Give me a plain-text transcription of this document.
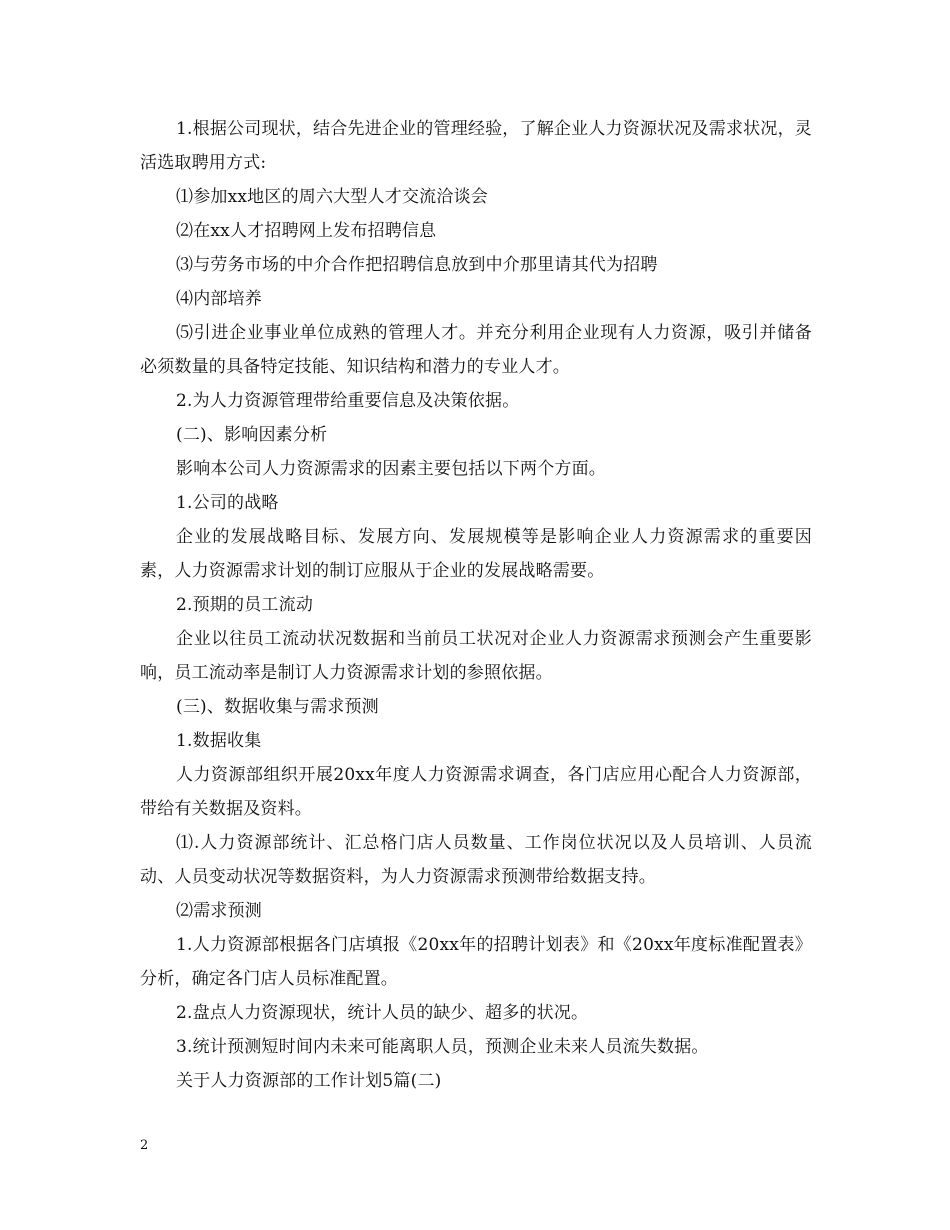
1.根据公司现状，结合先进企业的管理经验，了解企业人力资源状况及需求状况，灵活选取聘用方式:

⑴参加xx地区的周六大型人才交流洽谈会

⑵在xx人才招聘网上发布招聘信息

⑶与劳务市场的中介合作把招聘信息放到中介那里请其代为招聘

⑷内部培养

⑸引进企业事业单位成熟的管理人才。并充分利用企业现有人力资源，吸引并储备必须数量的具备特定技能、知识结构和潜力的专业人才。

2.为人力资源管理带给重要信息及决策依据。

(二)、影响因素分析

影响本公司人力资源需求的因素主要包括以下两个方面。

1.公司的战略

企业的发展战略目标、发展方向、发展规模等是影响企业人力资源需求的重要因素，人力资源需求计划的制订应服从于企业的发展战略需要。

2.预期的员工流动

企业以往员工流动状况数据和当前员工状况对企业人力资源需求预测会产生重要影响，员工流动率是制订人力资源需求计划的参照依据。

(三)、数据收集与需求预测

1.数据收集

人力资源部组织开展20xx年度人力资源需求调查，各门店应用心配合人力资源部，带给有关数据及资料。

⑴.人力资源部统计、汇总格门店人员数量、工作岗位状况以及人员培训、人员流动、人员变动状况等数据资料，为人力资源需求预测带给数据支持。

⑵需求预测

1.人力资源部根据各门店填报《20xx年的招聘计划表》和《20xx年度标准配置表》分析，确定各门店人员标准配置。

2.盘点人力资源现状，统计人员的缺少、超多的状况。

3.统计预测短时间内未来可能离职人员，预测企业未来人员流失数据。

关于人力资源部的工作计划5篇(二)

2
